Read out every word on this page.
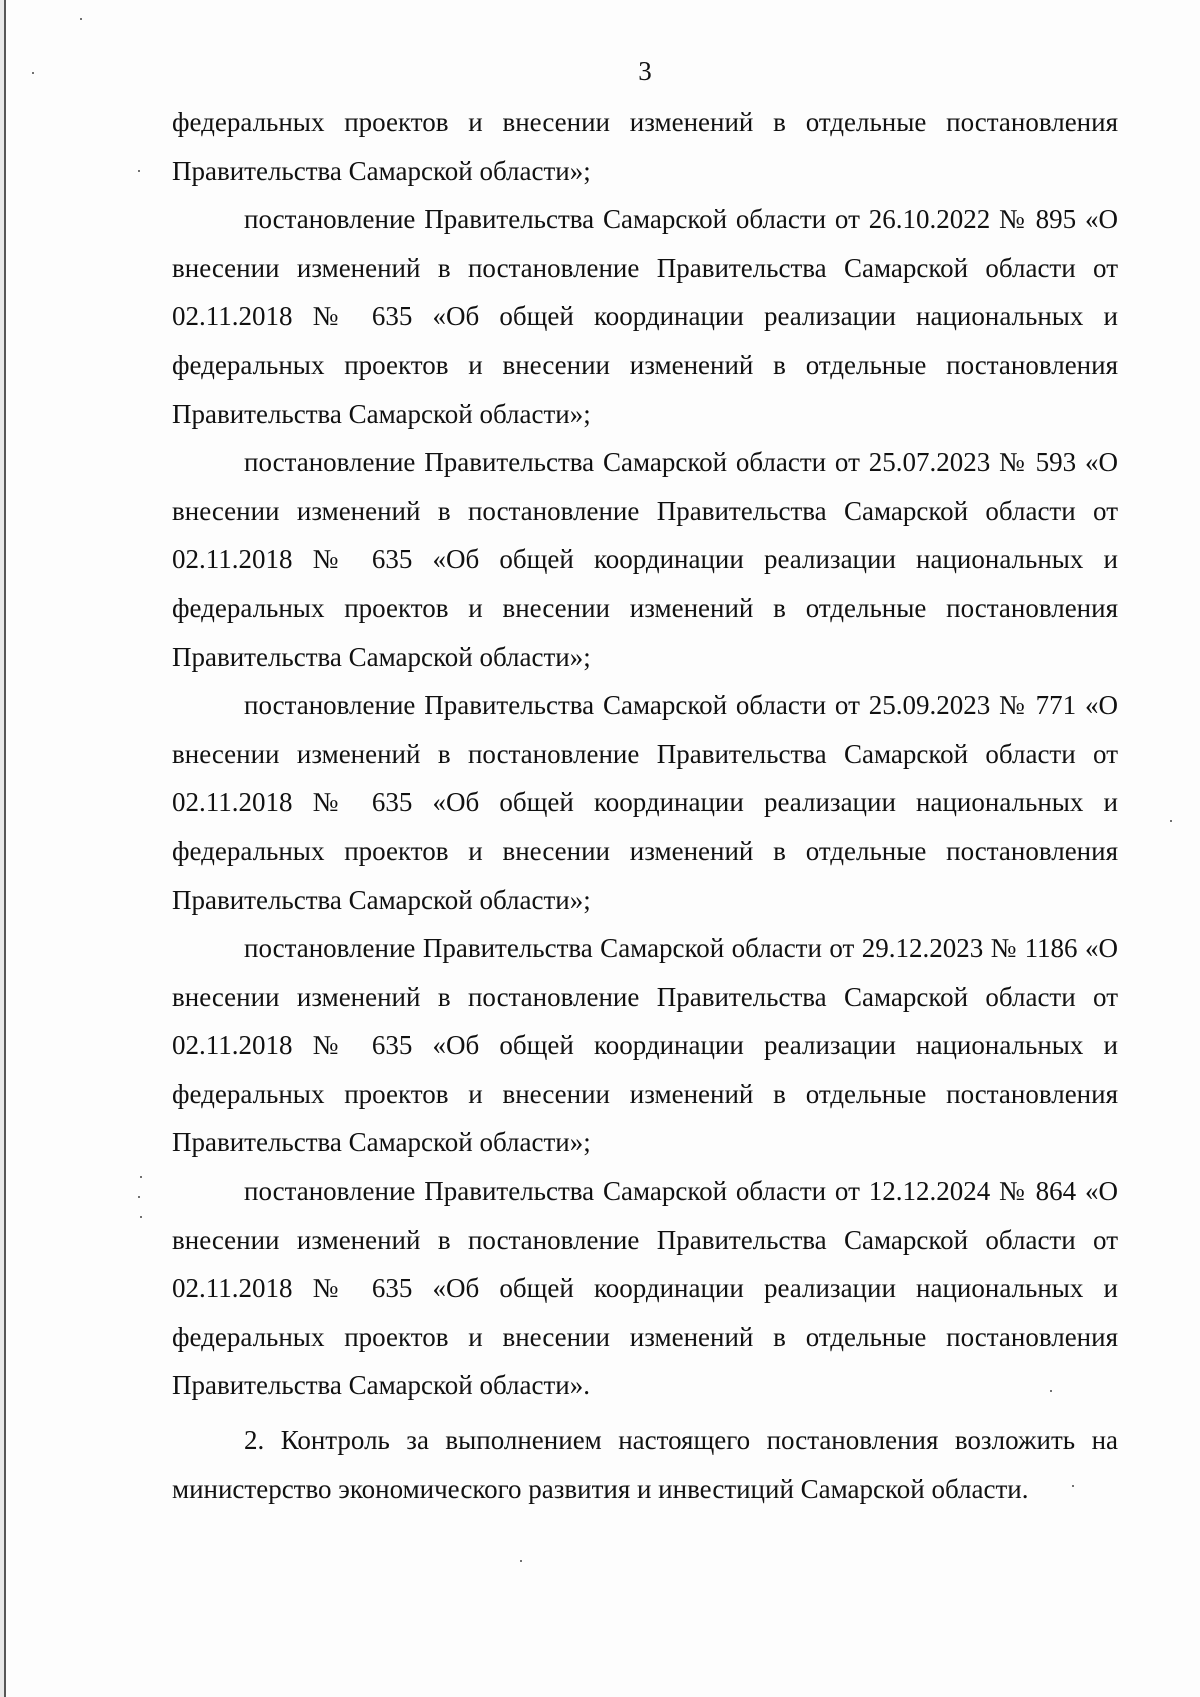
3

федеральных проектов и внесении изменений в отдельные постановления Правительства Самарской области»;

постановление Правительства Самарской области от 26.10.2022 № 895 «О внесении изменений в постановление Правительства Самарской области от 02.11.2018 № 635 «Об общей координации реализации национальных и федеральных проектов и внесении изменений в отдельные постановления Правительства Самарской области»;

постановление Правительства Самарской области от 25.07.2023 № 593 «О внесении изменений в постановление Правительства Самарской области от 02.11.2018 № 635 «Об общей координации реализации национальных и федеральных проектов и внесении изменений в отдельные постановления Правительства Самарской области»;

постановление Правительства Самарской области от 25.09.2023 № 771 «О внесении изменений в постановление Правительства Самарской области от 02.11.2018 № 635 «Об общей координации реализации национальных и федеральных проектов и внесении изменений в отдельные постановления Правительства Самарской области»;

постановление Правительства Самарской области от 29.12.2023 № 1186 «О внесении изменений в постановление Правительства Самарской области от 02.11.2018 № 635 «Об общей координации реализации национальных и федеральных проектов и внесении изменений в отдельные постановления Правительства Самарской области»;

постановление Правительства Самарской области от 12.12.2024 № 864 «О внесении изменений в постановление Правительства Самарской области от 02.11.2018 № 635 «Об общей координации реализации национальных и федеральных проектов и внесении изменений в отдельные постановления Правительства Самарской области».

2. Контроль за выполнением настоящего постановления возложить на министерство экономического развития и инвестиций Самарской области.
